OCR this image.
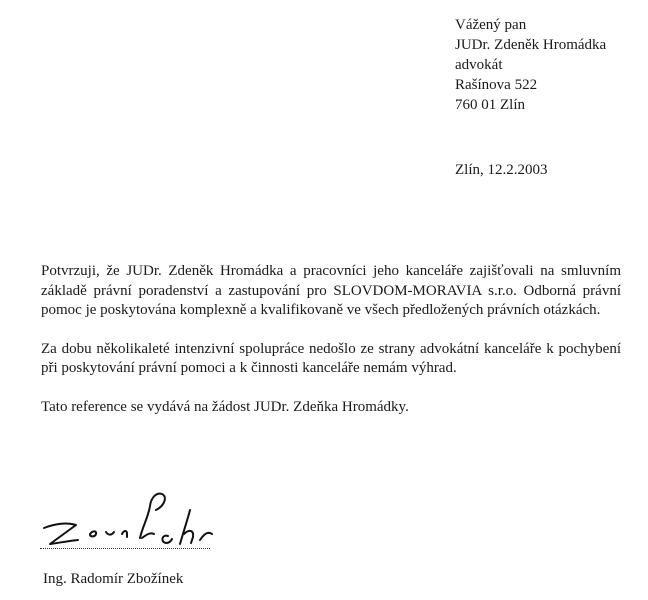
Vážený pan
JUDr. Zdeněk Hromádka
advokát
Rašínova 522
760 01 Zlín
Zlín, 12.2.2003

Potvrzuji, že JUDr. Zdeněk Hromádka a pracovníci jeho kanceláře zajišťovali na smluvním základě právní poradenství a zastupování pro SLOVDOM-MORAVIA s.r.o. Odborná právní pomoc je poskytována komplexně a kvalifikovaně ve všech předložených právních otázkách.

Za dobu několikaleté intenzivní spolupráce nedošlo ze strany advokátní kanceláře k pochybení při poskytování právní pomoci a k činnosti kanceláře nemám výhrad.

Tato reference se vydává na žádost JUDr. Zdeňka Hromádky.

Ing. Radomír Zbožínek
